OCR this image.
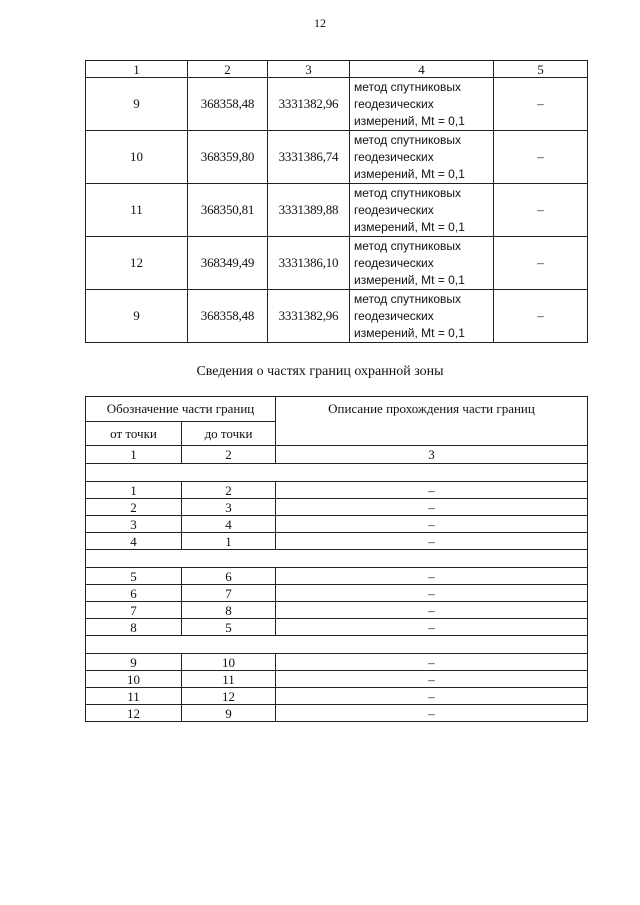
12
1	2	3	4	5
9	368358,48	3331382,96	метод спутниковых
геодезических
измерений, Mt = 0,1	–
10	368359,80	3331386,74	метод спутниковых
геодезических
измерений, Mt = 0,1	–
11	368350,81	3331389,88	метод спутниковых
геодезических
измерений, Mt = 0,1	–
12	368349,49	3331386,10	метод спутниковых
геодезических
измерений, Mt = 0,1	–
9	368358,48	3331382,96	метод спутниковых
геодезических
измерений, Mt = 0,1	–
Сведения о частях границ охранной зоны
Обозначение части границ		Описание прохождения части границ
от точки	до точки	
1	2	3

1	2	–
2	3	–
3	4	–
4	1	–

5	6	–
6	7	–
7	8	–
8	5	–

9	10	–
10	11	–
11	12	–
12	9	–
